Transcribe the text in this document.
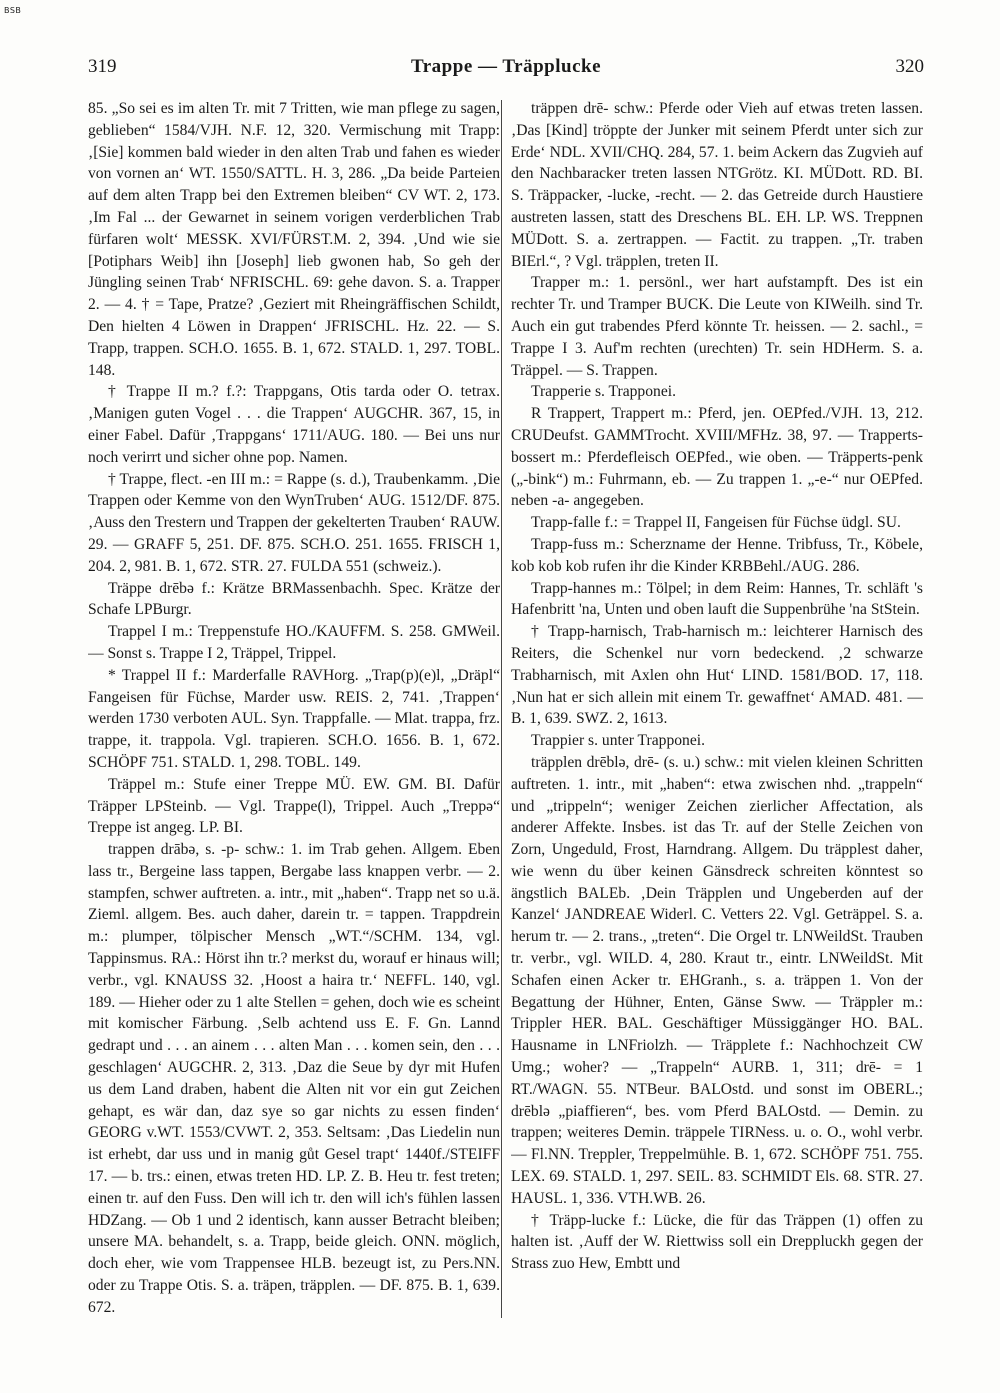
BSB
319	Trappe — Träpplucke	320

85. „So sei es im alten Tr. mit 7 Tritten, wie man pflege zu sagen, geblieben“ 1584/VJH. N.F. 12, 320. Vermischung mit Trapp: ‚[Sie] kommen bald wieder in den alten Trab und fahen es wieder von vornen an‘ WT. 1550/SATTL. H. 3, 286. „Da beide Parteien auf dem alten Trapp bei den Extremen bleiben“ CV WT. 2, 173. ‚Im Fal ... der Gewarnet in seinem vorigen verderblichen Trab fürfaren wolt‘ MESSK. XVI/FÜRST.M. 2, 394. ‚Und wie sie [Potiphars Weib] ihn [Joseph] lieb gwonen hab, So geh der Jüngling seinen Trab‘ NFRISCHL. 69: gehe davon. S. a. Trapper 2. — 4. † = Tape, Pratze? ‚Geziert mit Rheingräffischen Schildt, Den hielten 4 Löwen in Drappen‘ JFRISCHL. Hz. 22. — S. Trapp, trappen. SCH.O. 1655. B. 1, 672. STALD. 1, 297. TOBL. 148.

† Trappe II m.? f.?: Trappgans, Otis tarda oder O. tetrax. ‚Manigen guten Vogel . . . die Trappen‘ AUGCHR. 367, 15, in einer Fabel. Dafür ‚Trappgans‘ 1711/AUG. 180. — Bei uns nur noch verirrt und sicher ohne pop. Namen.

† Trappe, flect. -en III m.: = Rappe (s. d.), Traubenkamm. ‚Die Trappen oder Kemme von den WynTruben‘ AUG. 1512/DF. 875. ‚Auss den Trestern und Trappen der gekelterten Trauben‘ RAUW. 29. — GRAFF 5, 251. DF. 875. SCH.O. 251. 1655. FRISCH 1, 204. 2, 981. B. 1, 672. STR. 27. FULDA 551 (schweiz.).

Träppe drēbə f.: Krätze BRMassenbachh. Spec. Krätze der Schafe LPBurgr.

Trappel I m.: Treppenstufe HO./KAUFFM. S. 258. GMWeil. — Sonst s. Trappe I 2, Träppel, Trippel.

* Trappel II f.: Marderfalle RAVHorg. „Trap(p)(e)l, „Dräpl“ Fangeisen für Füchse, Marder usw. REIS. 2, 741. ‚Trappen‘ werden 1730 verboten AUL. Syn. Trappfalle. — Mlat. trappa, frz. trappe, it. trappola. Vgl. trapieren. SCH.O. 1656. B. 1, 672. SCHÖPF 751. STALD. 1, 298. TOBL. 149.

Träppel m.: Stufe einer Treppe MÜ. EW. GM. BI. Dafür Träpper LPSteinb. — Vgl. Trappe(l), Trippel. Auch „Treppə“ Treppe ist angeg. LP. BI.

trappen drābə, s. -p- schw.: 1. im Trab gehen. Allgem. Eben lass tr., Bergeine lass tappen, Bergabe lass knappen verbr. — 2. stampfen, schwer auftreten. a. intr., mit „haben“. Trapp net so u.ä. Zieml. allgem. Bes. auch daher, darein tr. = tappen. Trappdrein m.: plumper, tölpischer Mensch „WT.“/SCHM. 134, vgl. Tappinsmus. RA.: Hörst ihn tr.? merkst du, worauf er hinaus will; verbr., vgl. KNAUSS 32. ‚Hoost a haira tr.‘ NEFFL. 140, vgl. 189. — Hieher oder zu 1 alte Stellen = gehen, doch wie es scheint mit komischer Färbung. ‚Selb achtend uss E. F. Gn. Lannd gedrapt und . . . an ainem . . . alten Man . . . komen sein, den . . . geschlagen‘ AUGCHR. 2, 313. ‚Daz die Seue by dyr mit Hufen us dem Land draben, habent die Alten nit vor ein gut Zeichen gehapt, es wär dan, daz sye so gar nichts zu essen finden‘ GEORG v.WT. 1553/CVWT. 2, 353. Seltsam: ‚Das Liedelin nun ist erhebt, dar uss und in manig gůt Gesel trapt‘ 1440f./STEIFF 17. — b. trs.: einen, etwas treten HD. LP. Z. B. Heu tr. fest treten; einen tr. auf den Fuss. Den will ich tr. den will ich's fühlen lassen HDZang. — Ob 1 und 2 identisch, kann ausser Betracht bleiben; unsere MA. behandelt, s. a. Trapp, beide gleich. ONN. möglich, doch eher, wie vom Trappensee HLB. bezeugt ist, zu Pers.NN. oder zu Trappe Otis. S. a. träpen, träpplen. — DF. 875. B. 1, 639. 672.

träppen drē- schw.: Pferde oder Vieh auf etwas treten lassen. ‚Das [Kind] tröppte der Junker mit seinem Pferdt unter sich zur Erde‘ NDL. XVII/CHQ. 284, 57. 1. beim Ackern das Zugvieh auf den Nachbaracker treten lassen NTGrötz. KI. MÜDott. RD. BI. S. Träppacker, -lucke, -recht. — 2. das Getreide durch Haustiere austreten lassen, statt des Dreschens BL. EH. LP. WS. Treppnen MÜDott. S. a. zertrappen. — Factit. zu trappen. „Tr. traben BIErl.“, ? Vgl. träpplen, treten II.

Trapper m.: 1. persönl., wer hart aufstampft. Des ist ein rechter Tr. und Tramper BUCK. Die Leute von KIWeilh. sind Tr. Auch ein gut trabendes Pferd könnte Tr. heissen. — 2. sachl., = Trappe I 3. Auf'm rechten (urechten) Tr. sein HDHerm. S. a. Träppel. — S. Trappen.

Trapperie s. Trapponei.

R Trappert, Trappert m.: Pferd, jen. OEPfed./VJH. 13, 212. CRUDeufst. GAMMTrocht. XVIII/MFHz. 38, 97. — Trapperts-bossert m.: Pferdefleisch OEPfed., wie oben. — Träpperts-penk („-bink“) m.: Fuhrmann, eb. — Zu trappen 1. „-e-“ nur OEPfed. neben -a- angegeben.

Trapp-falle f.: = Trappel II, Fangeisen für Füchse üdgl. SU.

Trapp-fuss m.: Scherzname der Henne. Tribfuss, Tr., Köbele, kob kob kob rufen ihr die Kinder KRBBehl./AUG. 286.

Trapp-hannes m.: Tölpel; in dem Reim: Hannes, Tr. schläft 's Hafenbritt 'na, Unten und oben lauft die Suppenbrühe 'na StStein.

† Trapp-harnisch, Trab-harnisch m.: leichterer Harnisch des Reiters, die Schenkel nur vorn bedeckend. ‚2 schwarze Trabharnisch, mit Axlen ohn Hut‘ LIND. 1581/BOD. 17, 118. ‚Nun hat er sich allein mit einem Tr. gewaffnet‘ AMAD. 481. — B. 1, 639. SWZ. 2, 1613.

Trappier s. unter Trapponei.

träpplen drēblə, drē- (s. u.) schw.: mit vielen kleinen Schritten auftreten. 1. intr., mit „haben“: etwa zwischen nhd. „trappeln“ und „trippeln“; weniger Zeichen zierlicher Affectation, als anderer Affekte. Insbes. ist das Tr. auf der Stelle Zeichen von Zorn, Ungeduld, Frost, Harndrang. Allgem. Du träpplest daher, wie wenn du über keinen Gänsdreck schreiten könntest so ängstlich BALEb. ‚Dein Träpplen und Ungeberden auf der Kanzel‘ JANDREAE Widerl. C. Vetters 22. Vgl. Geträppel. S. a. herum tr. — 2. trans., „treten“. Die Orgel tr. LNWeildSt. Trauben tr. verbr., vgl. WILD. 4, 280. Kraut tr., eintr. LNWeildSt. Mit Schafen einen Acker tr. EHGranh., s. a. träppen 1. Von der Begattung der Hühner, Enten, Gänse Sww. — Träppler m.: Trippler HER. BAL. Geschäftiger Müssiggänger HO. BAL. Hausname in LNFriolzh. — Träpplete f.: Nachhochzeit CW Umg.; woher? — „Trappeln“ AURB. 1, 311; drē- = 1 RT./WAGN. 55. NTBeur. BALOstd. und sonst im OBERL.; drēblə „piaffieren“, bes. vom Pferd BALOstd. — Demin. zu trappen; weiteres Demin. träppele TIRNess. u. o. O., wohl verbr. — Fl.NN. Treppler, Treppelmühle. B. 1, 672. SCHÖPF 751. 755. LEX. 69. STALD. 1, 297. SEIL. 83. SCHMIDT Els. 68. STR. 27. HAUSL. 1, 336. VTH.WB. 26.

† Träpp-lucke f.: Lücke, die für das Träppen (1) offen zu halten ist. ‚Auff der W. Riettwiss soll ein Dreppluckh gegen der Strass zuo Hew, Embtt und
